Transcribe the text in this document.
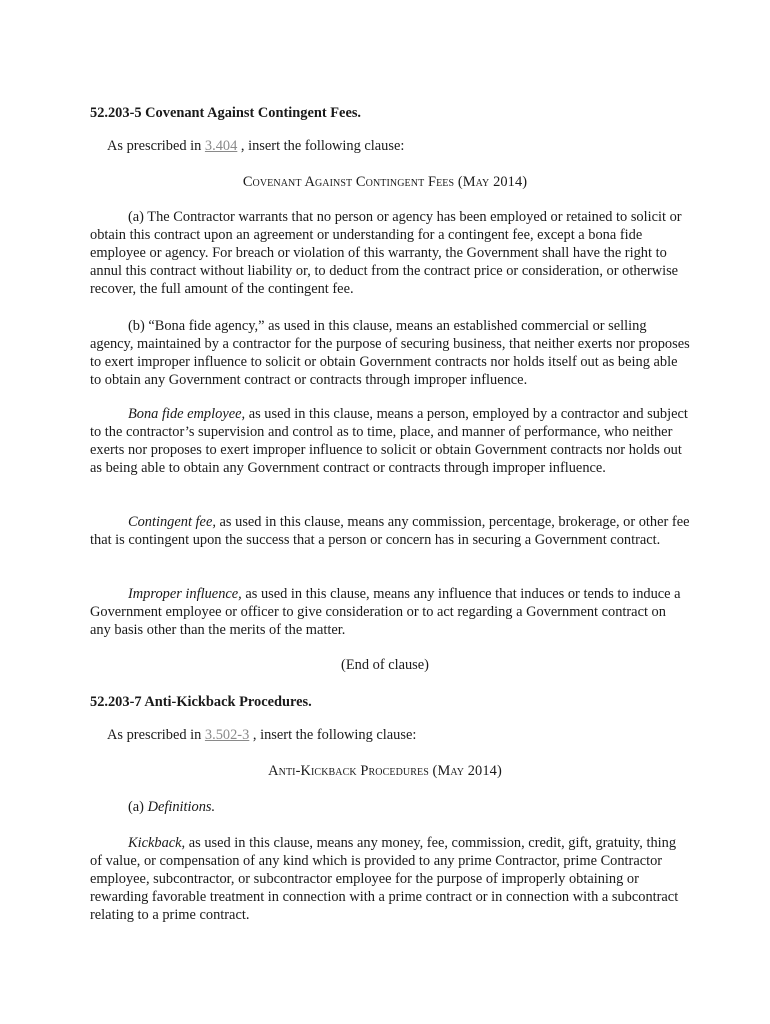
52.203-5 Covenant Against Contingent Fees.

As prescribed in 3.404 , insert the following clause:

Covenant Against Contingent Fees (May 2014)

(a) The Contractor warrants that no person or agency has been employed or retained to solicit or obtain this contract upon an agreement or understanding for a contingent fee, except a bona fide employee or agency. For breach or violation of this warranty, the Government shall have the right to annul this contract without liability or, to deduct from the contract price or consideration, or otherwise recover, the full amount of the contingent fee.

(b) “Bona fide agency,” as used in this clause, means an established commercial or selling agency, maintained by a contractor for the purpose of securing business, that neither exerts nor proposes to exert improper influence to solicit or obtain Government contracts nor holds itself out as being able to obtain any Government contract or contracts through improper influence.

Bona fide employee, as used in this clause, means a person, employed by a contractor and subject to the contractor’s supervision and control as to time, place, and manner of performance, who neither exerts nor proposes to exert improper influence to solicit or obtain Government contracts nor holds out as being able to obtain any Government contract or contracts through improper influence.

Contingent fee, as used in this clause, means any commission, percentage, brokerage, or other fee that is contingent upon the success that a person or concern has in securing a Government contract.

Improper influence, as used in this clause, means any influence that induces or tends to induce a Government employee or officer to give consideration or to act regarding a Government contract on any basis other than the merits of the matter.

(End of clause)

52.203-7 Anti-Kickback Procedures.

As prescribed in 3.502-3 , insert the following clause:

Anti-Kickback Procedures (May 2014)

(a) Definitions.

Kickback, as used in this clause, means any money, fee, commission, credit, gift, gratuity, thing of value, or compensation of any kind which is provided to any prime Contractor, prime Contractor employee, subcontractor, or subcontractor employee for the purpose of improperly obtaining or rewarding favorable treatment in connection with a prime contract or in connection with a subcontract relating to a prime contract.
